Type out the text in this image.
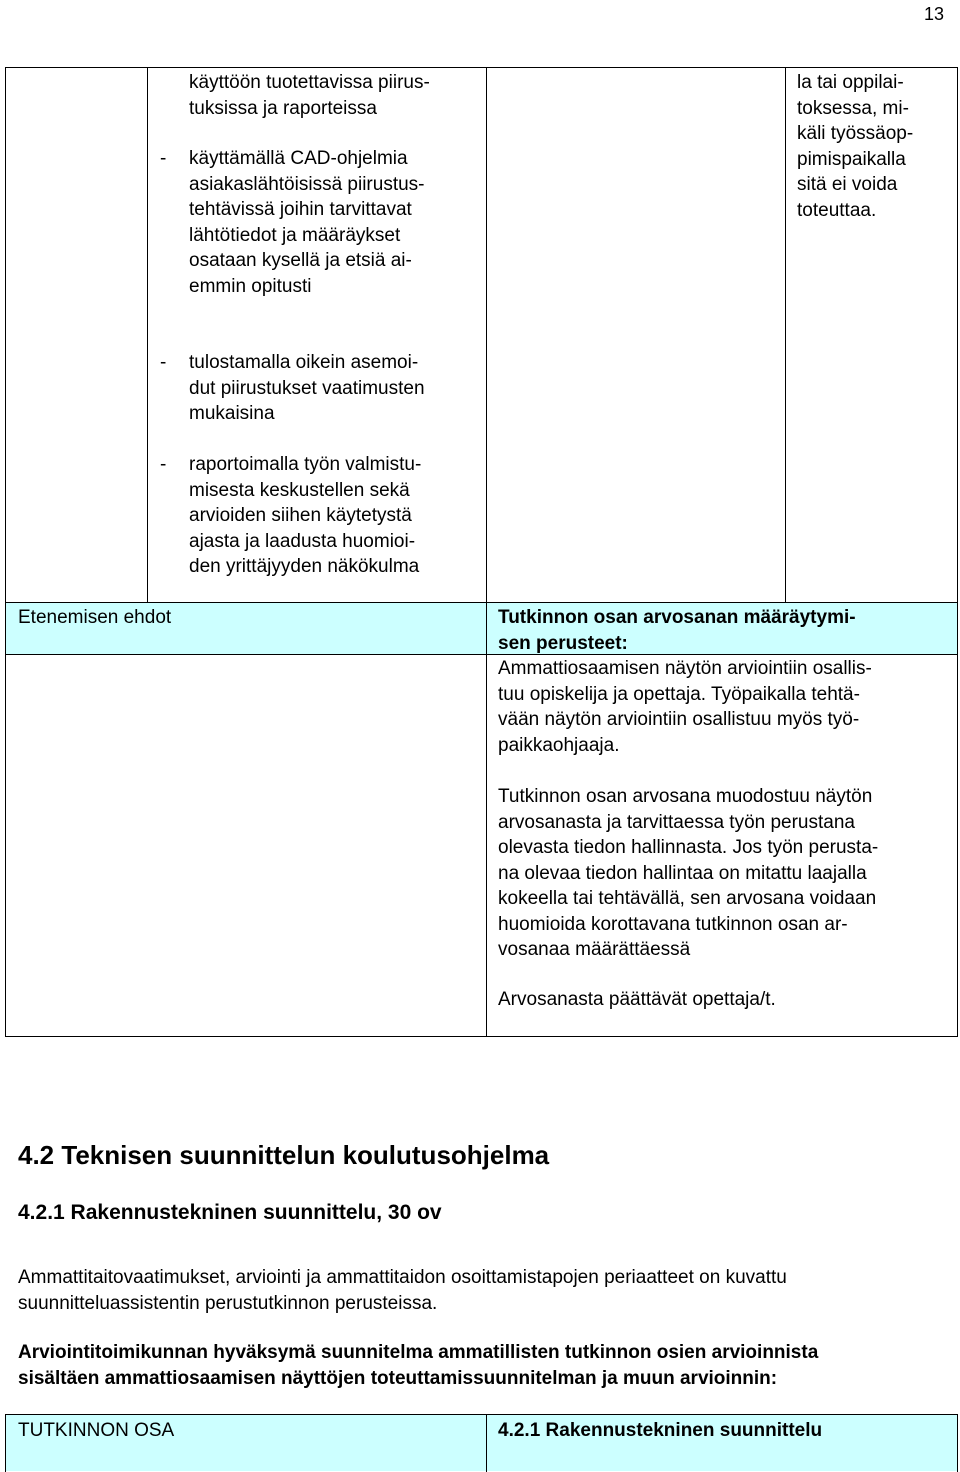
13

käyttöön tuotettavissa piirus-

tuksissa ja raporteissa

- käyttämällä CAD-ohjelmia

asiakaslähtöisissä piirustus-

tehtävissä joihin tarvittavat

lähtötiedot ja määräykset

osataan kysellä ja etsiä ai-

emmin opitusti

- tulostamalla oikein asemoi-

dut piirustukset vaatimusten

mukaisina

- raportoimalla työn valmistu-

misesta keskustellen sekä

arvioiden siihen käytetystä

ajasta ja laadusta huomioi-

den yrittäjyyden näkökulma

la tai oppilai-

toksessa, mi-

käli työssäop-

pimispaikalla

sitä ei voida

toteuttaa.

Etenemisen ehdot	Tutkinnon osan arvosanan määräytymi-

sen perusteet:

Ammattiosaamisen näytön arviointiin osallis-

tuu opiskelija ja opettaja. Työpaikalla tehtä-

vään näytön arviointiin osallistuu myös työ-

paikkaohjaaja.

Tutkinnon osan arvosana muodostuu näytön

arvosanasta ja tarvittaessa työn perustana

olevasta tiedon hallinnasta. Jos työn perusta-

na olevaa tiedon hallintaa on mitattu laajalla

kokeella tai tehtävällä, sen arvosana voidaan

huomioida korottavana tutkinnon osan ar-

vosanaa määrättäessä

Arvosanasta päättävät opettaja/t.
4.2 Teknisen suunnittelun koulutusohjelma
4.2.1 Rakennustekninen suunnittelu, 30 ov

Ammattitaitovaatimukset, arviointi ja ammattitaidon osoittamistapojen periaatteet on kuvattu

suunnitteluassistentin perustutkinnon perusteissa.

Arviointitoimikunnan hyväksymä suunnitelma ammatillisten tutkinnon osien arvioinnista

sisältäen ammattiosaamisen näyttöjen toteuttamissuunnitelman ja muun arvioinnin:

TUTKINNON OSA	4.2.1 Rakennustekninen suunnittelu
